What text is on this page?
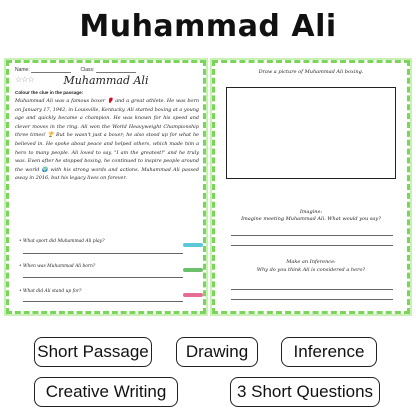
Muhammad Ali
Name:	Class:
☆☆☆	Muhammad Ali
Colour the clue in the passage:
Muhammad Ali was a famous boxer 🥊 and a great athlete. He was born on January 17, 1942, in Louisville, Kentucky. Ali started boxing at a young age and quickly became a champion. He was known for his speed and clever moves in the ring. Ali won the World Heavyweight Championship three times! 🏆 But he wasn't just a boxer; he also stood up for what he believed in. He spoke about peace and helped others, which made him a hero to many people. Ali loved to say, "I am the greatest!" and he truly was. Even after he stopped boxing, he continued to inspire people around the world 🌍 with his strong words and actions. Muhammad Ali passed away in 2016, but his legacy lives on forever.
• What sport did Muhammad Ali play?
• When was Muhammad Ali born?
• What did Ali stand up for?
Draw a picture of Muhammad Ali boxing.
Imagine:
Imagine meeting Muhammad Ali. What would you say?
Make an Inference:
Why do you think Ali is considered a hero?
Short Passage	Drawing	Inference
Creative Writing	3 Short Questions
